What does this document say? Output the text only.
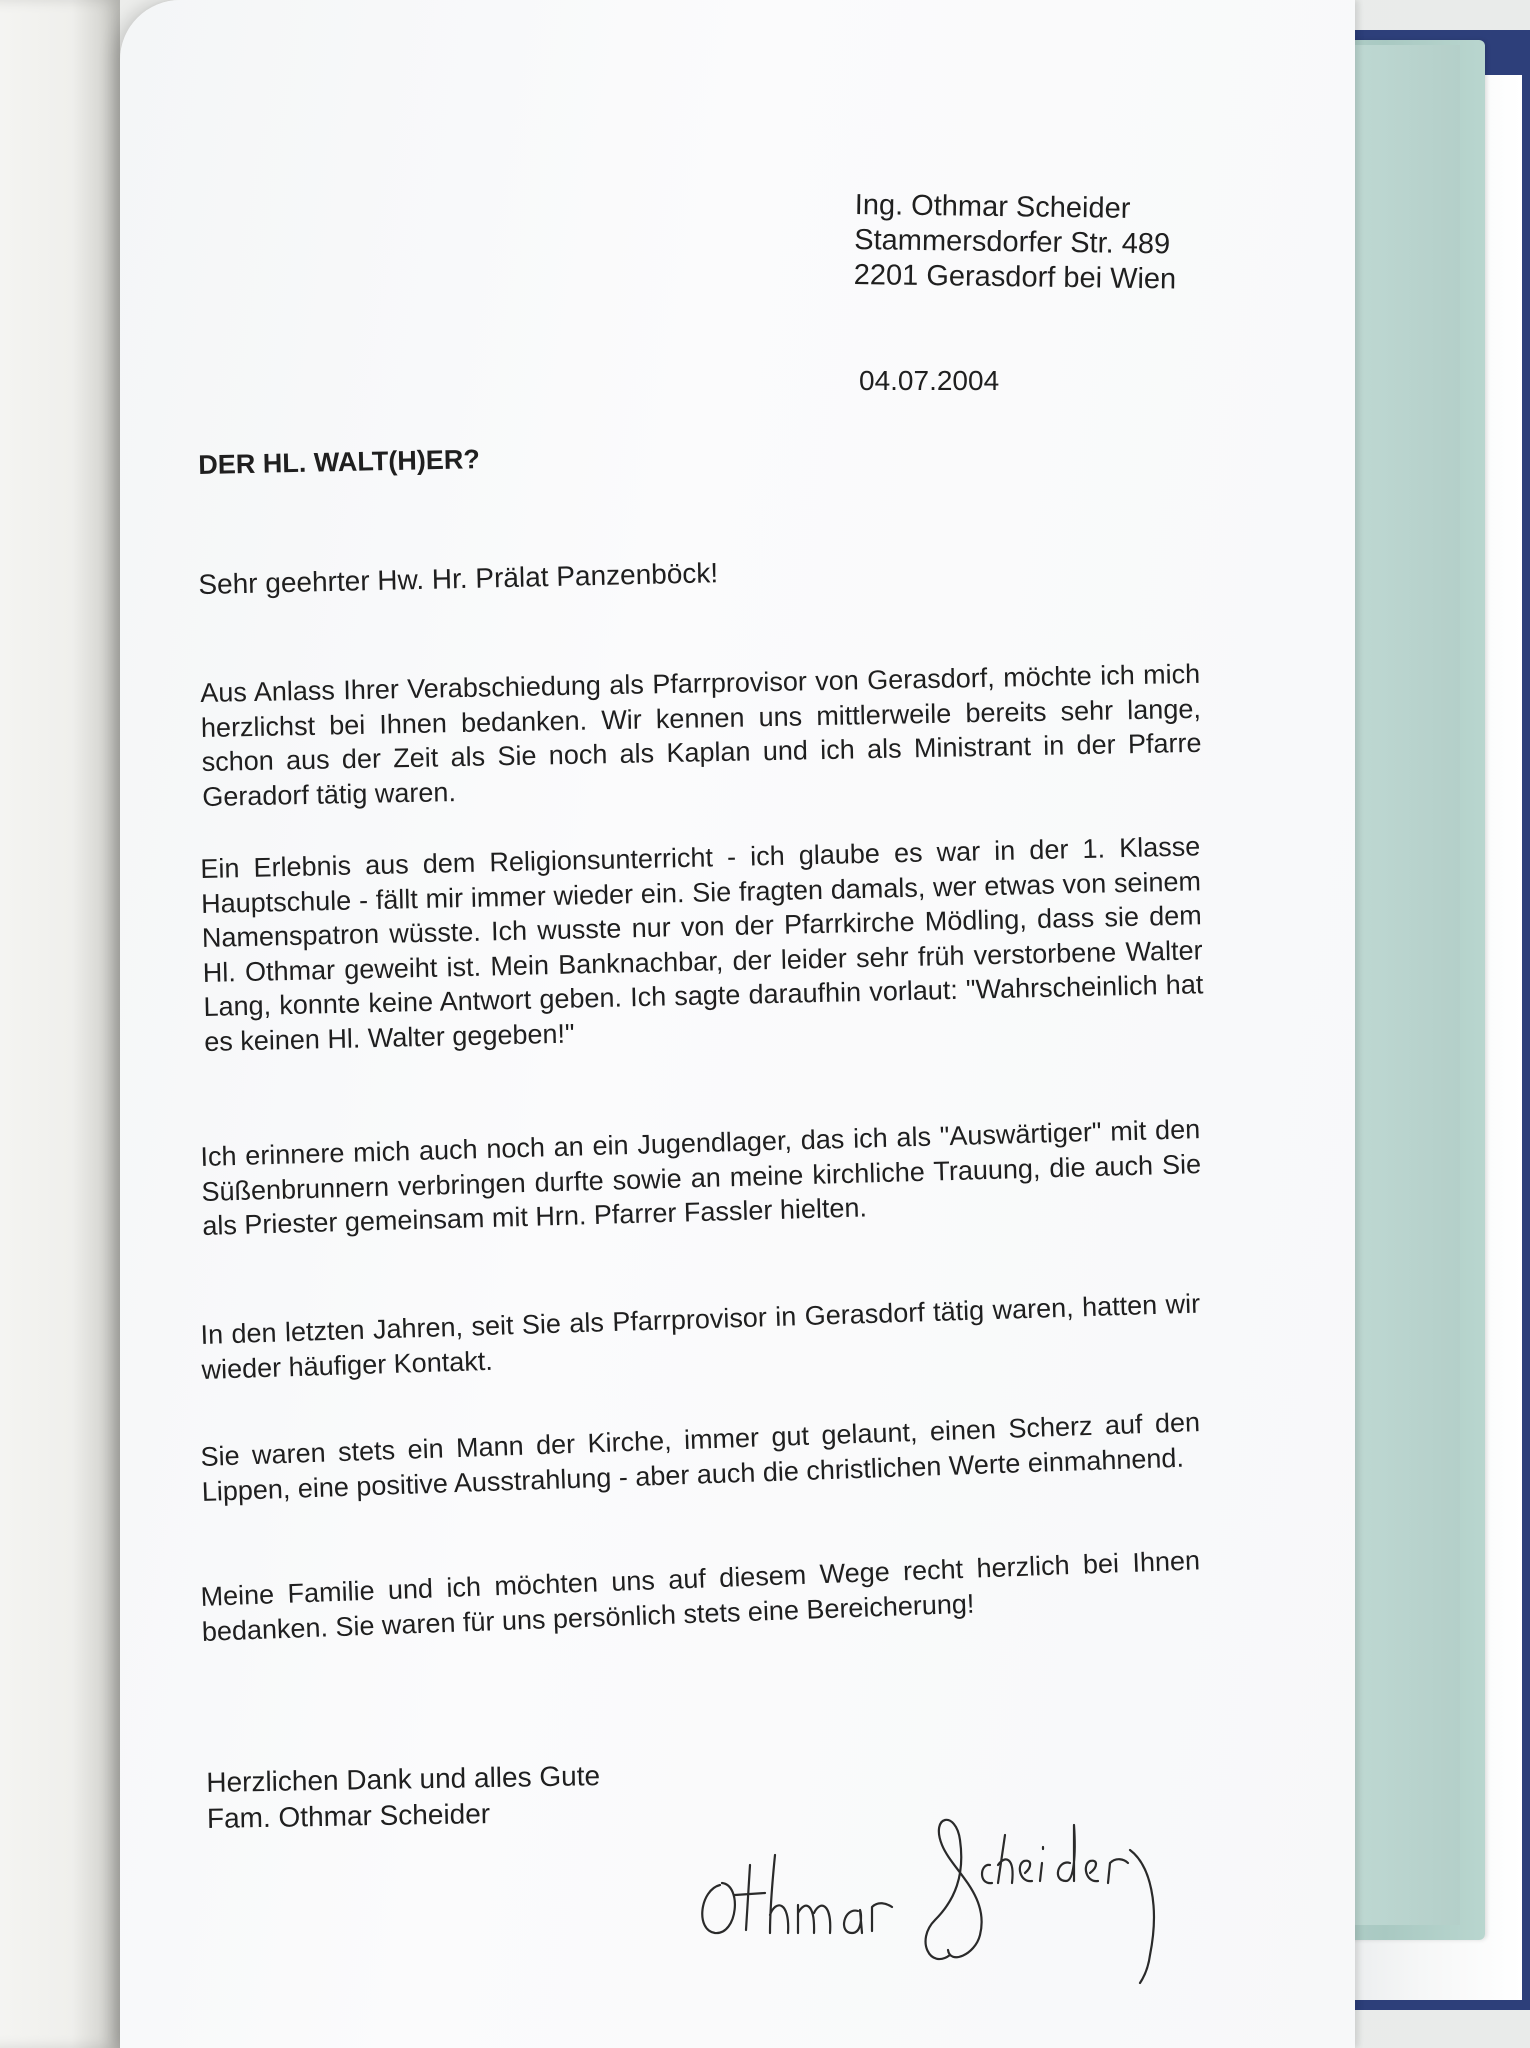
Ing. Othmar Scheider
Stammersdorfer Str. 489
2201 Gerasdorf bei Wien
04.07.2004
DER HL. WALT(H)ER?
Sehr geehrter Hw. Hr. Prälat Panzenböck!

Aus Anlass Ihrer Verabschiedung als Pfarrprovisor von Gerasdorf, möchte ich mich herzlichst bei Ihnen bedanken. Wir kennen uns mittlerweile bereits sehr lange, schon aus der Zeit als Sie noch als Kaplan und ich als Ministrant in der Pfarre Geradorf tätig waren.

Ein Erlebnis aus dem Religionsunterricht - ich glaube es war in der 1. Klasse Hauptschule - fällt mir immer wieder ein. Sie fragten damals, wer etwas von seinem Namenspatron wüsste. Ich wusste nur von der Pfarrkirche Mödling, dass sie dem Hl. Othmar geweiht ist. Mein Banknachbar, der leider sehr früh verstorbene Walter Lang, konnte keine Antwort geben. Ich sagte daraufhin vorlaut: "Wahrscheinlich hat es keinen Hl. Walter gegeben!"

Ich erinnere mich auch noch an ein Jugendlager, das ich als "Auswärtiger" mit den Süßenbrunnern verbringen durfte sowie an meine kirchliche Trauung, die auch Sie als Priester gemeinsam mit Hrn. Pfarrer Fassler hielten.

In den letzten Jahren, seit Sie als Pfarrprovisor in Gerasdorf tätig waren, hatten wir wieder häufiger Kontakt.

Sie waren stets ein Mann der Kirche, immer gut gelaunt, einen Scherz auf den Lippen, eine positive Ausstrahlung - aber auch die christlichen Werte einmahnend.

Meine Familie und ich möchten uns auf diesem Wege recht herzlich bei Ihnen bedanken. Sie waren für uns persönlich stets eine Bereicherung!

Herzlichen Dank und alles Gute
Fam. Othmar Scheider
